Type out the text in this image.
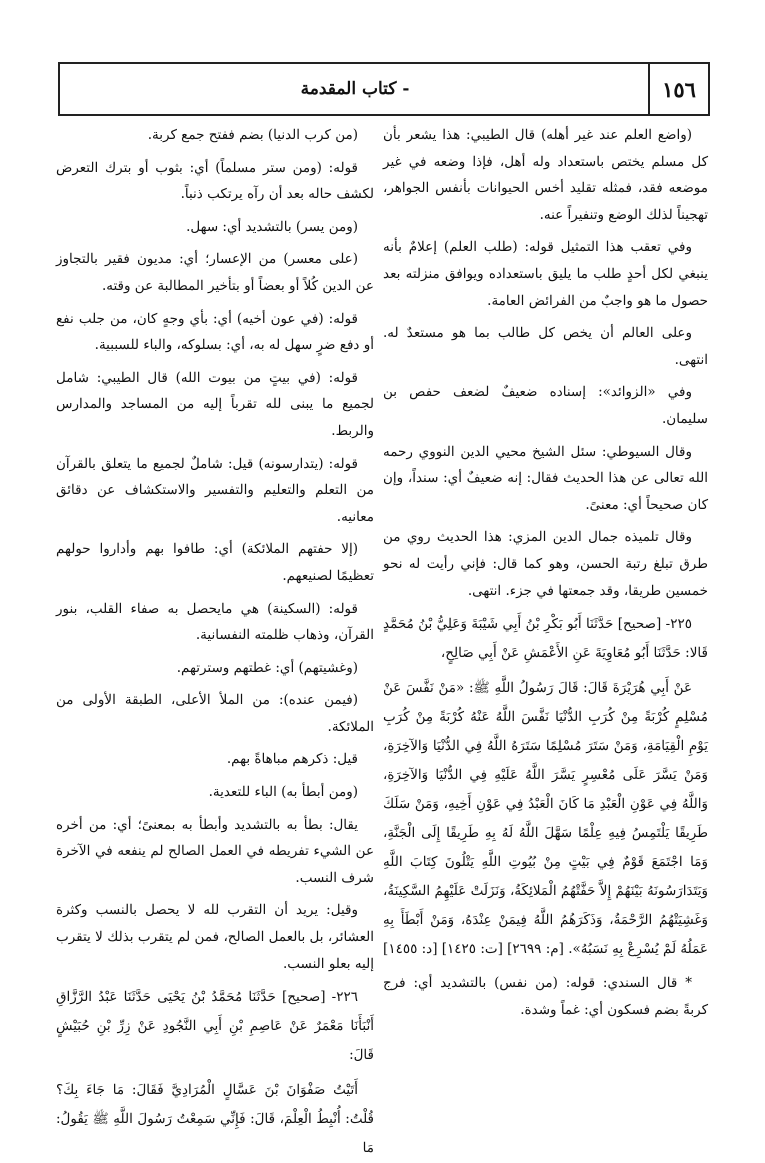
١٥٦
- كتاب المقدمة

(واضع العلم عند غير أهله) قال الطيبي: هذا يشعر بأن كل مسلم يختص باستعداد وله أهل، فإذا وضعه في غير موضعه فقد، فمثله تقليد أخس الحيوانات بأنفس الجواهر، تهجيناً لذلك الوضع وتنفيراً عنه.

وفي تعقب هذا التمثيل قوله: (طلب العلم) إعلامٌ بأنه ينبغي لكل أحدٍ طلب ما يليق باستعداده ويوافق منزلته بعد حصول ما هو واجبٌ من الفرائض العامة.

وعلى العالم أن يخص كل طالب بما هو مستعدٌ له. انتهى.

وفي «الزوائد»: إسناده ضعيفٌ لضعف حفص بن سليمان.

وقال السيوطي: سئل الشيخ محيي الدين النووي رحمه الله تعالى عن هذا الحديث فقال: إنه ضعيفٌ أي: سنداً، وإن كان صحيحاً أي: معنىً.

وقال تلميذه جمال الدين المزي: هذا الحديث روي من طرق تبلغ رتبة الحسن، وهو كما قال: فإني رأيت له نحو خمسين طريقا، وقد جمعتها في جزء. انتهى.

٢٢٥- [صحيح] حَدَّثَنَا أَبُو بَكْرِ بْنُ أَبِي شَيْبَةَ وَعَلِيُّ بْنُ مُحَمَّدٍ قَالا: حَدَّثَنَا أَبُو مُعَاوِيَةَ عَنِ الأَعْمَشِ عَنْ أَبِي صَالِحٍ،

عَنْ أَبِي هُرَيْرَةَ قَالَ: قَالَ رَسُولُ اللَّهِ ﷺ: «مَنْ نَفَّسَ عَنْ مُسْلِمٍ كُرْبَةً مِنْ كُرَبِ الدُّنْيَا نَفَّسَ اللَّهُ عَنْهُ كُرْبَةً مِنْ كُرَبِ يَوْمِ الْقِيَامَةِ، وَمَنْ سَتَرَ مُسْلِمًا سَتَرَهُ اللَّهُ فِي الدُّنْيَا وَالآخِرَةِ، وَمَنْ يَسَّرَ عَلَى مُعْسِرٍ يَسَّرَ اللَّهُ عَلَيْهِ فِي الدُّنْيَا وَالآخِرَةِ، وَاللَّهُ فِي عَوْنِ الْعَبْدِ مَا كَانَ الْعَبْدُ فِي عَوْنِ أَخِيهِ، وَمَنْ سَلَكَ طَرِيقًا يَلْتَمِسُ فِيهِ عِلْمًا سَهَّلَ اللَّهُ لَهُ بِهِ طَرِيقًا إِلَى الْجَنَّةِ، وَمَا اجْتَمَعَ قَوْمٌ فِي بَيْتٍ مِنْ بُيُوتِ اللَّهِ يَتْلُونَ كِتَابَ اللَّهِ وَيَتَدَارَسُونَهُ بَيْنَهُمْ إِلاَّ حَفَّتْهُمُ الْمَلائِكَةُ، وَنَزَلَتْ عَلَيْهِمُ السَّكِينَةُ، وَغَشِيَتْهُمُ الرَّحْمَةُ، وَذَكَرَهُمُ اللَّهُ فِيمَنْ عِنْدَهُ، وَمَنْ أَبْطَأَ بِهِ عَمَلُهُ لَمْ يُسْرِعْ بِهِ نَسَبُهُ». [م: ٢٦٩٩] [ت: ١٤٢٥] [د: ١٤٥٥]

* قال السندي: قوله: (من نفس) بالتشديد أي: فرج كربةً بضم فسكون أي: غماً وشدة.

(من كرب الدنيا) بضم ففتح جمع كربة.

قوله: (ومن ستر مسلماً) أي: بثوب أو بترك التعرض لكشف حاله بعد أن رآه يرتكب ذنباً.

(ومن يسر) بالتشديد أي: سهل.

(على معسر) من الإعسار؛ أي: مديون فقير بالتجاوز عن الدين كُلاً أو بعضاً أو بتأخير المطالبة عن وقته.

قوله: (في عون أخيه) أي: بأي وجهٍ كان، من جلب نفع أو دفع ضرٍ سهل له به، أي: بسلوكه، والباء للسببية.

قوله: (في بيتٍ من بيوت الله) قال الطيبي: شامل لجميع ما يبنى لله تقرباً إليه من المساجد والمدارس والربط.

قوله: (يتدارسونه) قيل: شاملٌ لجميع ما يتعلق بالقرآن من التعلم والتعليم والتفسير والاستكشاف عن دقائق معانيه.

(إلا حفتهم الملائكة) أي: طافوا بهم وأداروا حولهم تعظيمًا لصنيعهم.

قوله: (السكينة) هي مايحصل به صفاء القلب، بنور القرآن، وذهاب ظلمته النفسانية.

(وغشيتهم) أي: غطتهم وسترتهم.

(فيمن عنده): من الملأ الأعلى، الطبقة الأولى من الملائكة.

قيل: ذكرهم مباهاةً بهم.

(ومن أبطأ به) الباء للتعدية.

يقال: بطأ به بالتشديد وأبطأ به بمعنىً؛ أي: من أخره عن الشيء تفريطه في العمل الصالح لم ينفعه في الآخرة شرف النسب.

وقيل: يريد أن التقرب لله لا يحصل بالنسب وكثرة العشائر، بل بالعمل الصالح، فمن لم يتقرب بذلك لا يتقرب إليه بعلو النسب.

٢٢٦- [صحيح] حَدَّثَنَا مُحَمَّدُ بْنُ يَحْيَى حَدَّثَنَا عَبْدُ الرَّزَّاقِ أَنْبَأَنَا مَعْمَرٌ عَنْ عَاصِمِ بْنِ أَبِي النَّجُودِ عَنْ زِرِّ بْنِ حُبَيْشٍ قَالَ:

أَتَيْتُ صَفْوَانَ بْنَ عَسَّالٍ الْمُرَادِيَّ فَقَالَ: مَا جَاءَ بِكَ؟ قُلْتُ: أُنْبِطُ الْعِلْمَ، قَالَ: فَإِنِّي سَمِعْتُ رَسُولَ اللَّهِ ﷺ يَقُولُ: مَا
